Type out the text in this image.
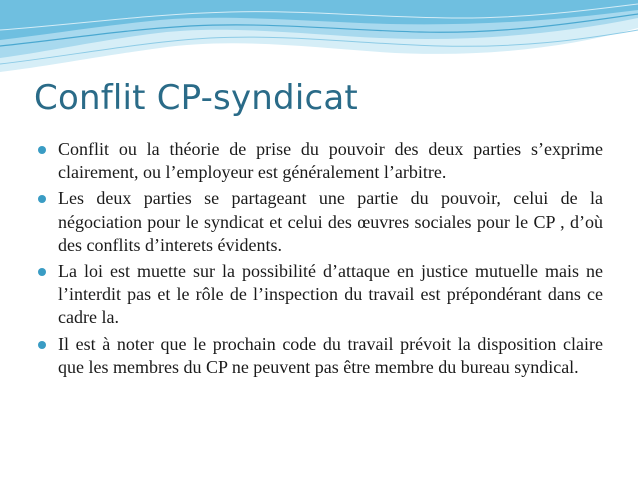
Conflit CP-syndicat
Conflit ou la théorie de prise du pouvoir des deux parties s’exprime clairement, ou l’employeur est généralement l’arbitre.
Les deux parties se partageant une partie du pouvoir, celui de la négociation pour le syndicat et celui des œuvres sociales pour le CP , d’où des conflits d’interets évidents.
La loi est muette sur la possibilité d’attaque en justice mutuelle mais ne l’interdit pas et le rôle de l’inspection du travail est prépondérant dans ce cadre la.
Il est à noter que le prochain code du travail prévoit la disposition claire que les membres du CP ne peuvent pas être membre du bureau syndical.
